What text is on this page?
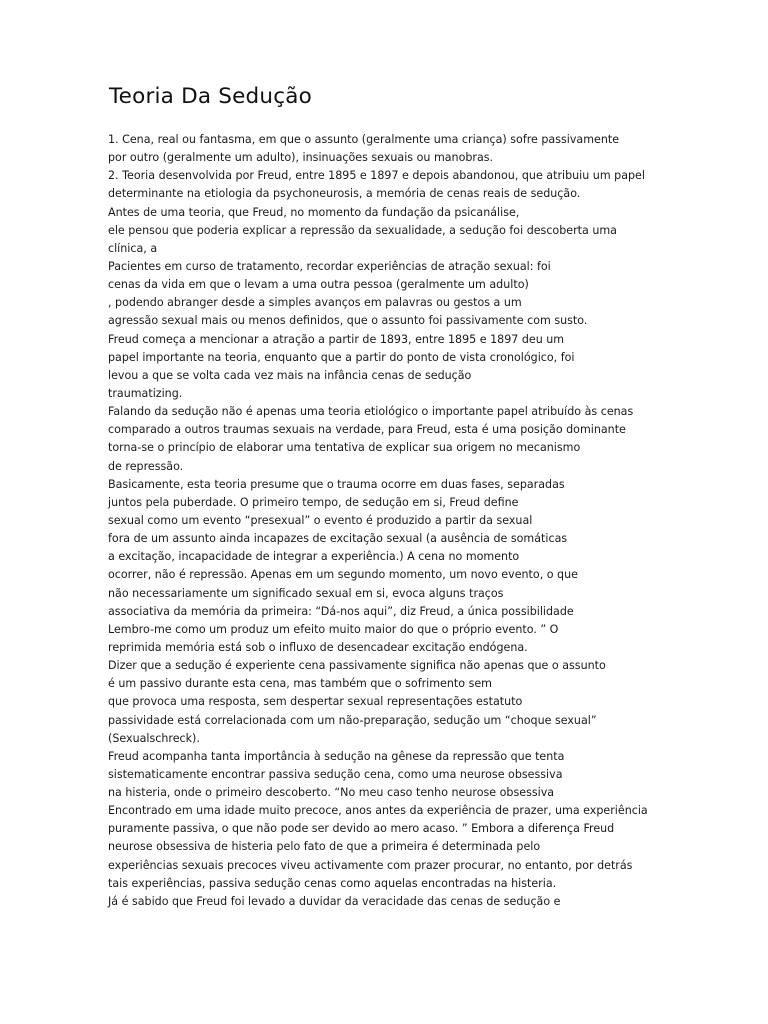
Teoria Da Sedução
1. Cena, real ou fantasma, em que o assunto (geralmente uma criança) sofre passivamente
por outro (geralmente um adulto), insinuações sexuais ou manobras.
2. Teoria desenvolvida por Freud, entre 1895 e 1897 e depois abandonou, que atribuiu um papel
determinante na etiologia da psychoneurosis, a memória de cenas reais de sedução.
Antes de uma teoria, que Freud, no momento da fundação da psicanálise,
ele pensou que poderia explicar a repressão da sexualidade, a sedução foi descoberta uma
clínica, a
Pacientes em curso de tratamento, recordar experiências de atração sexual: foi
cenas da vida em que o levam a uma outra pessoa (geralmente um adulto)
, podendo abranger desde a simples avanços em palavras ou gestos a um
agressão sexual mais ou menos definidos, que o assunto foi passivamente com susto.
Freud começa a mencionar a atração a partir de 1893, entre 1895 e 1897 deu um
papel importante na teoria, enquanto que a partir do ponto de vista cronológico, foi
levou a que se volta cada vez mais na infância cenas de sedução
traumatizing.
Falando da sedução não é apenas uma teoria etiológico o importante papel atribuído às cenas
comparado a outros traumas sexuais na verdade, para Freud, esta é uma posição dominante
torna-se o princípio de elaborar uma tentativa de explicar sua origem no mecanismo
de repressão.
Basicamente, esta teoria presume que o trauma ocorre em duas fases, separadas
juntos pela puberdade. O primeiro tempo, de sedução em si, Freud define
sexual como um evento “presexual” o evento é produzido a partir da sexual
fora de um assunto ainda incapazes de excitação sexual (a ausência de somáticas
a excitação, incapacidade de integrar a experiência.) A cena no momento
ocorrer, não é repressão. Apenas em um segundo momento, um novo evento, o que
não necessariamente um significado sexual em si, evoca alguns traços
associativa da memória da primeira: “Dá-nos aqui”, diz Freud, a única possibilidade
Lembro-me como um produz um efeito muito maior do que o próprio evento. ” O
reprimida memória está sob o influxo de desencadear excitação endógena.
Dizer que a sedução é experiente cena passivamente significa não apenas que o assunto
é um passivo durante esta cena, mas também que o sofrimento sem
que provoca uma resposta, sem despertar sexual representações estatuto
passividade está correlacionada com um não-preparação, sedução um “choque sexual”
(Sexualschreck).
Freud acompanha tanta importância à sedução na gênese da repressão que tenta
sistematicamente encontrar passiva sedução cena, como uma neurose obsessiva
na histeria, onde o primeiro descoberto. “No meu caso tenho neurose obsessiva
Encontrado em uma idade muito precoce, anos antes da experiência de prazer, uma experiência
puramente passiva, o que não pode ser devido ao mero acaso. ” Embora a diferença Freud
neurose obsessiva de histeria pelo fato de que a primeira é determinada pelo
experiências sexuais precoces viveu activamente com prazer procurar, no entanto, por detrás
tais experiências, passiva sedução cenas como aquelas encontradas na histeria.
Já é sabido que Freud foi levado a duvidar da veracidade das cenas de sedução e
